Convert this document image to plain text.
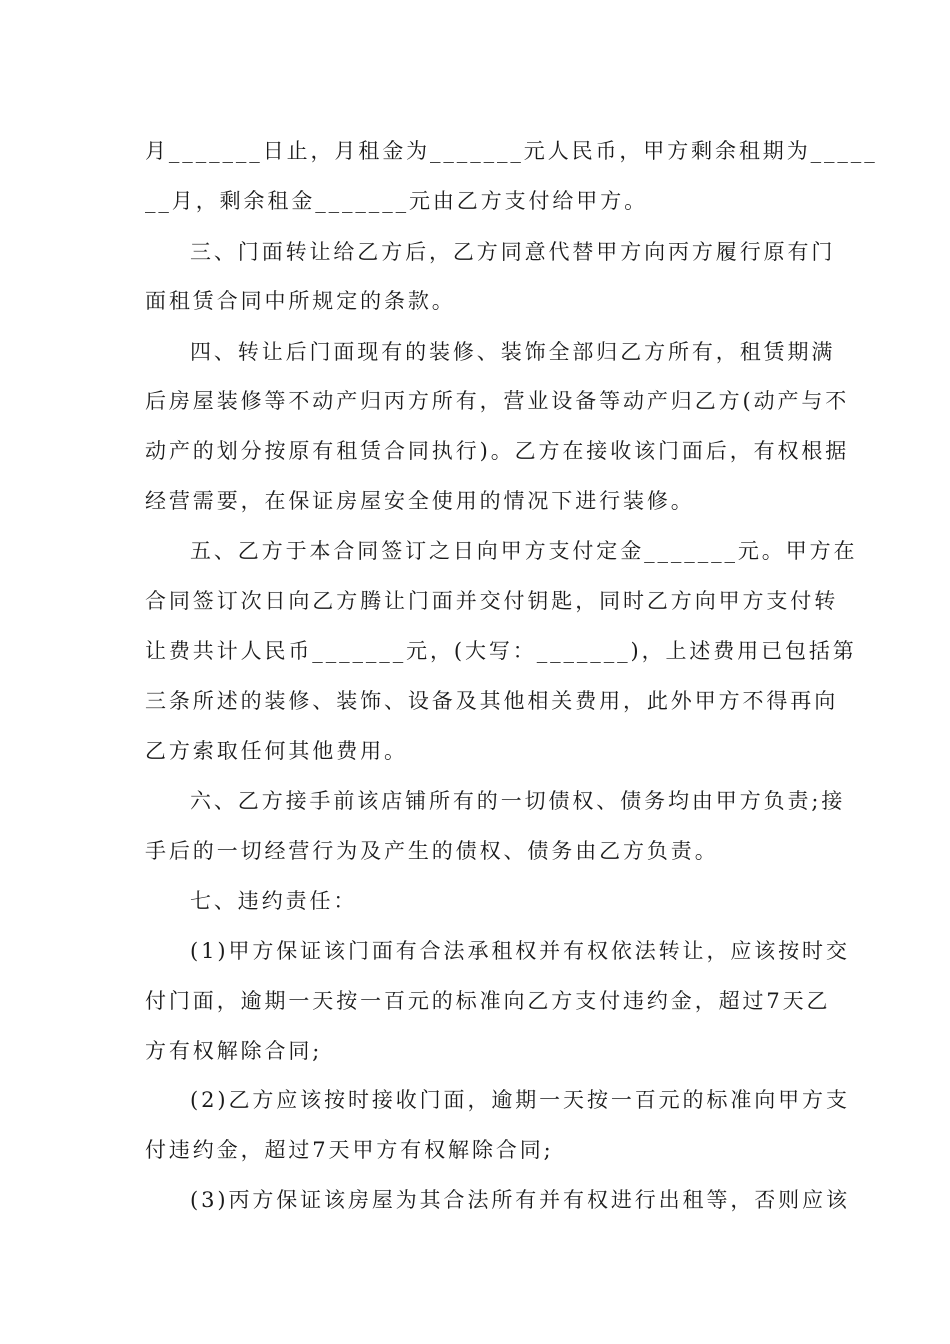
月_______日止，月租金为_______元人民币，甲方剩余租期为_____
__月，剩余租金_______元由乙方支付给甲方。
三、门面转让给乙方后，乙方同意代替甲方向丙方履行原有门
面租赁合同中所规定的条款。
四、转让后门面现有的装修、装饰全部归乙方所有，租赁期满
后房屋装修等不动产归丙方所有，营业设备等动产归乙方(动产与不
动产的划分按原有租赁合同执行)。乙方在接收该门面后，有权根据
经营需要，在保证房屋安全使用的情况下进行装修。
五、乙方于本合同签订之日向甲方支付定金_______元。甲方在
合同签订次日向乙方腾让门面并交付钥匙，同时乙方向甲方支付转
让费共计人民币_______元，(大写：_______)，上述费用已包括第
三条所述的装修、装饰、设备及其他相关费用，此外甲方不得再向
乙方索取任何其他费用。
六、乙方接手前该店铺所有的一切债权、债务均由甲方负责;接
手后的一切经营行为及产生的债权、债务由乙方负责。
七、违约责任：
(1)甲方保证该门面有合法承租权并有权依法转让，应该按时交
付门面，逾期一天按一百元的标准向乙方支付违约金，超过7天乙
方有权解除合同;
(2)乙方应该按时接收门面，逾期一天按一百元的标准向甲方支
付违约金，超过7天甲方有权解除合同;
(3)丙方保证该房屋为其合法所有并有权进行出租等，否则应该
